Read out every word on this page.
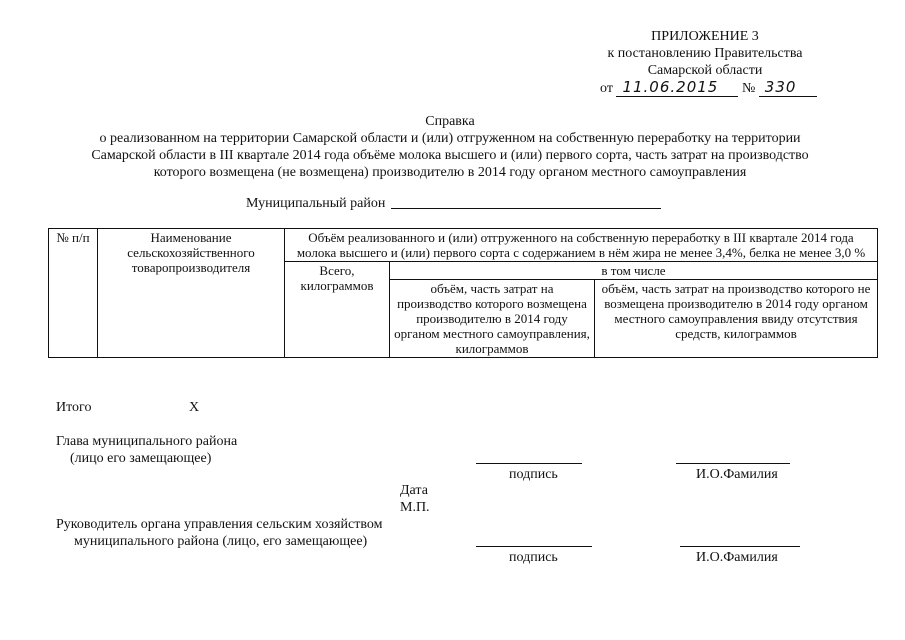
ПРИЛОЖЕНИЕ 3
к постановлению Правительства
Самарской области
от 11.06.2015 № 330
Справка
о реализованном на территории Самарской области и (или) отгруженном на собственную переработку на территории
Самарской области в III квартале 2014 года объёме молока высшего и (или) первого сорта, часть затрат на производство
которого возмещена (не возмещена) производителю в 2014 году органом местного самоуправления
Муниципальный район
№ п/п	Наименование сельскохозяйственного товаропроизводителя	Объём реализованного и (или) отгруженного на собственную переработку в III квартале 2014 года молока высшего и (или) первого сорта с содержанием в нём жира не менее 3,4%, белка не менее 3,0 %		
		Всего, килограммов	в том числе	
			объём, часть затрат на производство которого возмещена производителю в 2014 году органом местного самоуправления, килограммов	объём, часть затрат на производство которого не возмещена производителю в 2014 году органом местного самоуправления ввиду отсутствия средств, килограммов
Итого	Х
Глава муниципального района
(лицо его замещающее)
подпись	И.О.Фамилия
Дата
М.П.
Руководитель органа управления сельским хозяйством
муниципального района (лицо, его замещающее)
подпись	И.О.Фамилия
